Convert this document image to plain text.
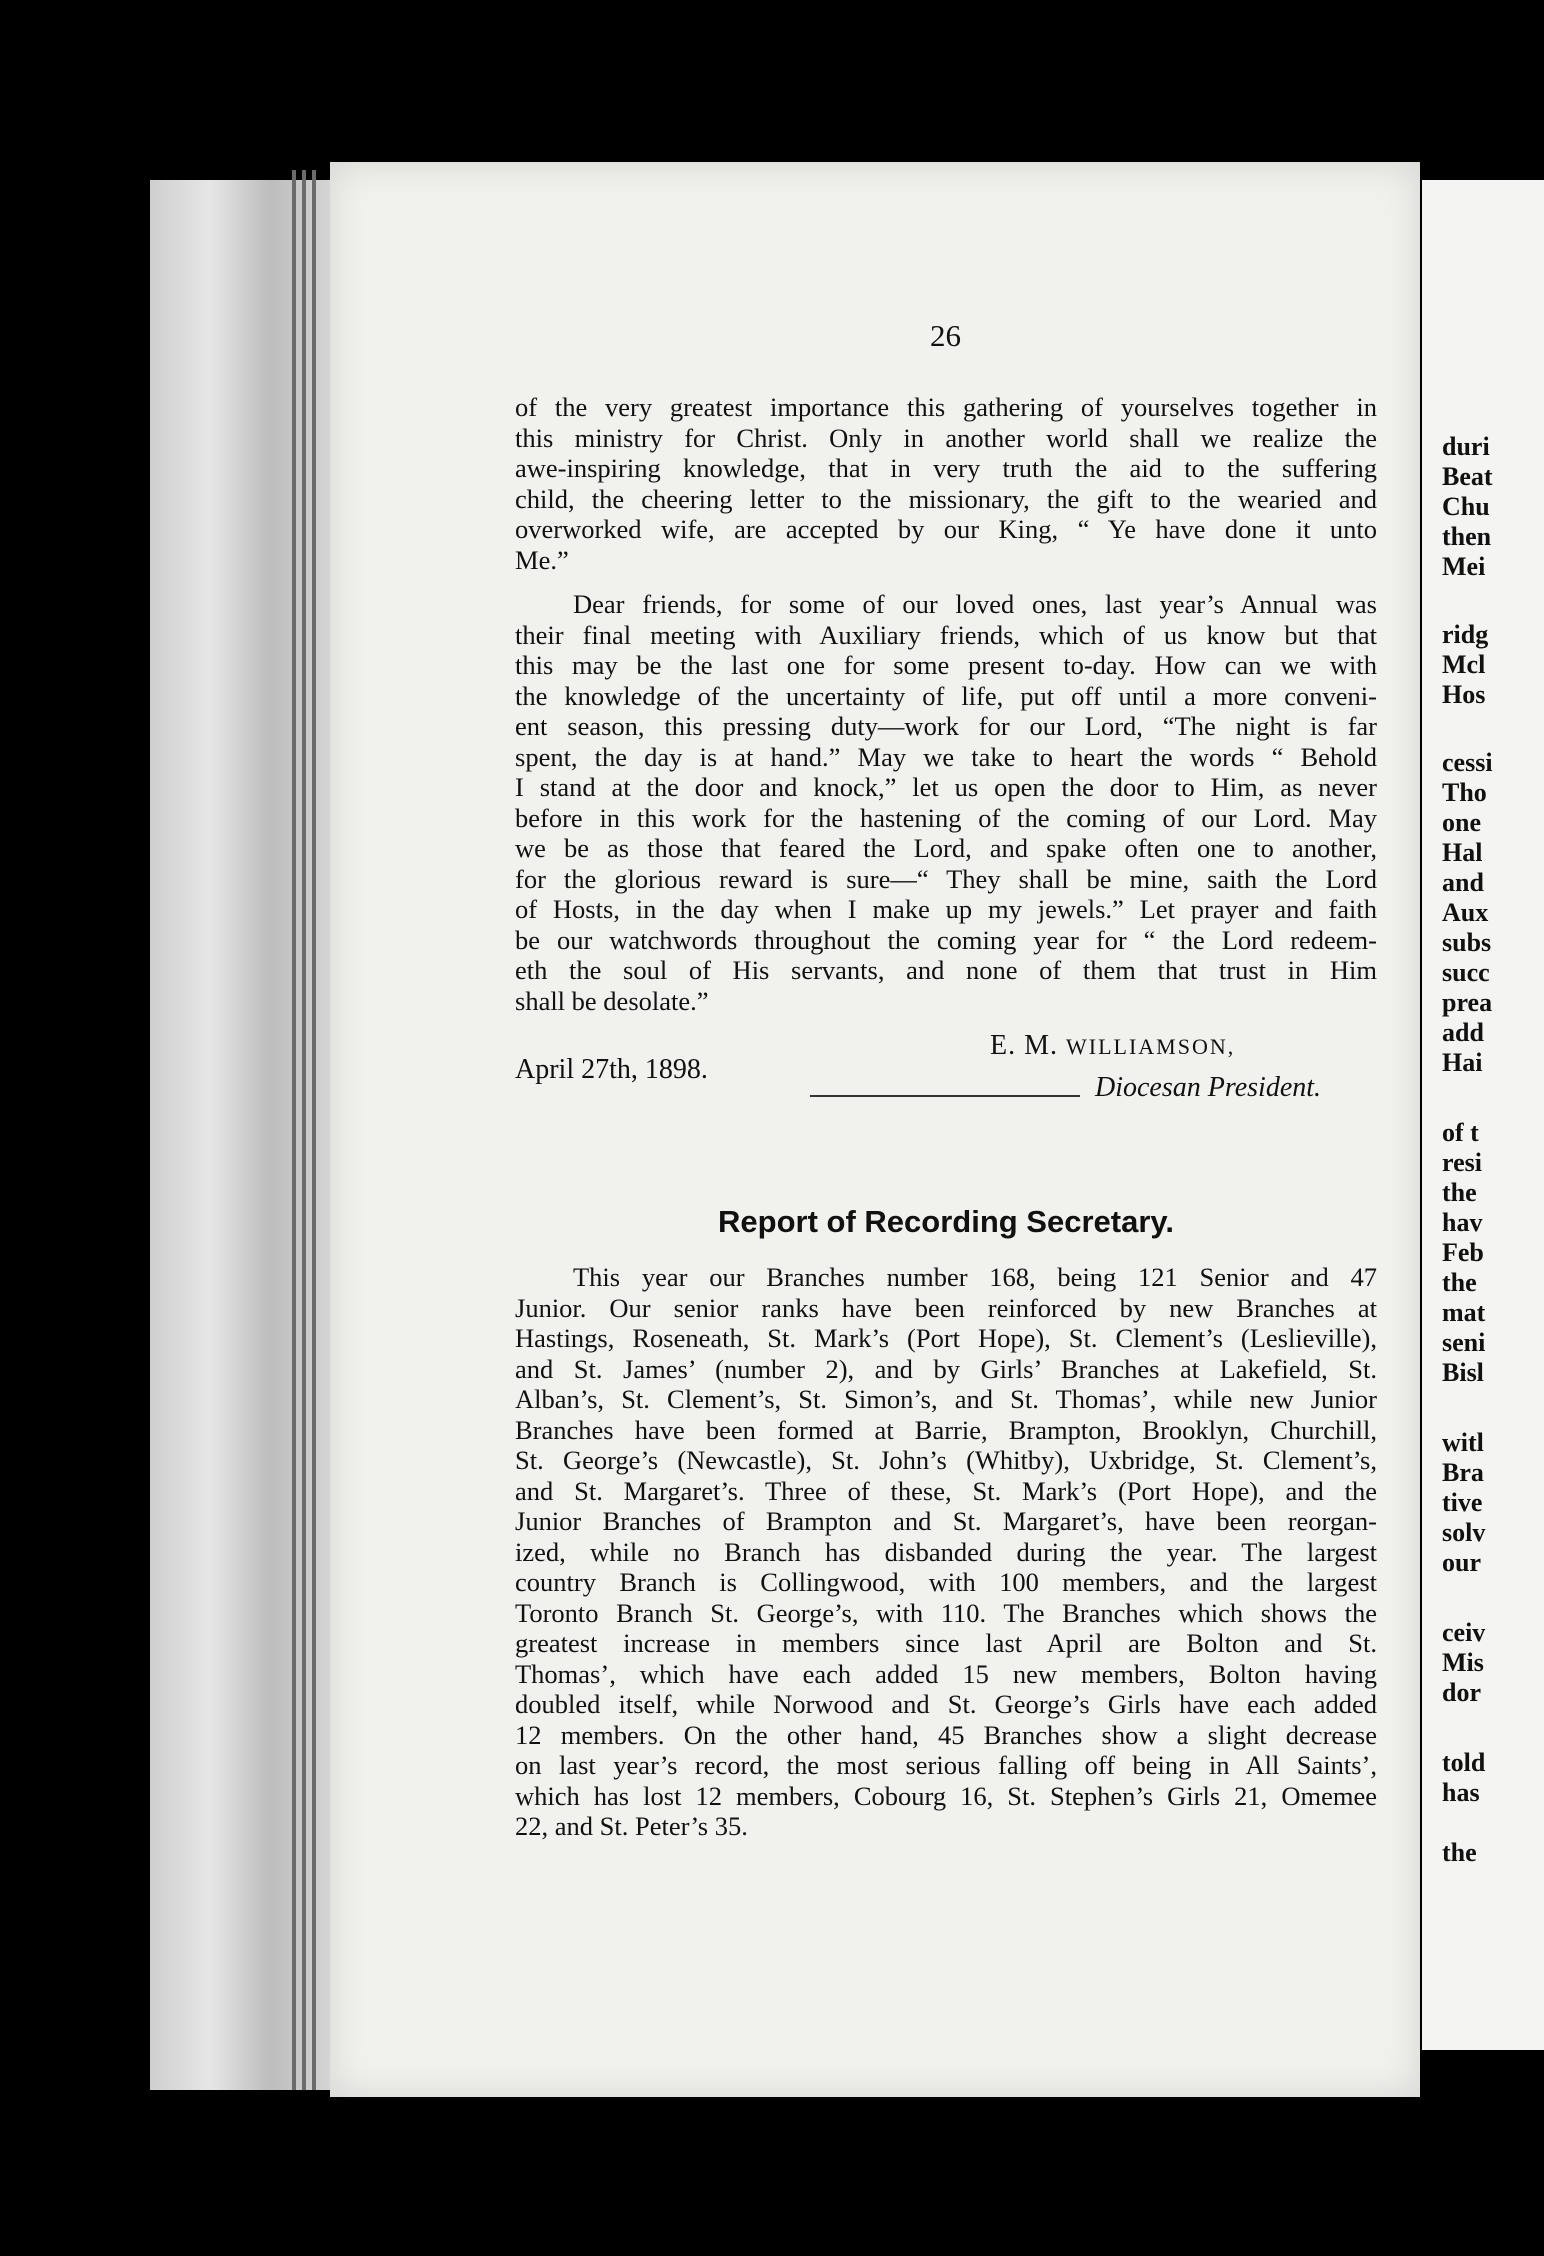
26
of the very greatest importance this gathering of yourselves together in
this ministry for Christ. Only in another world shall we realize the
awe-inspiring knowledge, that in very truth the aid to the suffering
child, the cheering letter to the missionary, the gift to the wearied and
overworked wife, are accepted by our King, “ Ye have done it unto
Me.”
Dear friends, for some of our loved ones, last year’s Annual was
their final meeting with Auxiliary friends, which of us know but that
this may be the last one for some present to-day. How can we with
the knowledge of the uncertainty of life, put off until a more conveni-
ent season, this pressing duty—work for our Lord, “The night is far
spent, the day is at hand.” May we take to heart the words “ Behold
I stand at the door and knock,” let us open the door to Him, as never
before in this work for the hastening of the coming of our Lord. May
we be as those that feared the Lord, and spake often one to another,
for the glorious reward is sure—“ They shall be mine, saith the Lord
of Hosts, in the day when I make up my jewels.” Let prayer and faith
be our watchwords throughout the coming year for “ the Lord redeem-
eth the soul of His servants, and none of them that trust in Him
shall be desolate.”
E. M. WILLIAMSON,
Diocesan President.
April 27th, 1898.
Report of Recording Secretary.
This year our Branches number 168, being 121 Senior and 47
Junior. Our senior ranks have been reinforced by new Branches at
Hastings, Roseneath, St. Mark’s (Port Hope), St. Clement’s (Leslieville),
and St. James’ (number 2), and by Girls’ Branches at Lakefield, St.
Alban’s, St. Clement’s, St. Simon’s, and St. Thomas’, while new Junior
Branches have been formed at Barrie, Brampton, Brooklyn, Churchill,
St. George’s (Newcastle), St. John’s (Whitby), Uxbridge, St. Clement’s,
and St. Margaret’s. Three of these, St. Mark’s (Port Hope), and the
Junior Branches of Brampton and St. Margaret’s, have been reorgan-
ized, while no Branch has disbanded during the year. The largest
country Branch is Collingwood, with 100 members, and the largest
Toronto Branch St. George’s, with 110. The Branches which shows the
greatest increase in members since last April are Bolton and St.
Thomas’, which have each added 15 new members, Bolton having
doubled itself, while Norwood and St. George’s Girls have each added
12 members. On the other hand, 45 Branches show a slight decrease
on last year’s record, the most serious falling off being in All Saints’,
which has lost 12 members, Cobourg 16, St. Stephen’s Girls 21, Omemee
22, and St. Peter’s 35.
duri
Beat
Chu
then
Mei
ridg
Mcl
Hos
cessi
Tho
one
Hal
and
Aux
subs
succ
prea
add
Hai
of t
resi
the
hav
Feb
the
mat
seni
Bisl
witl
Bra
tive
solv
our
ceiv
Mis
dor
told
has
the
